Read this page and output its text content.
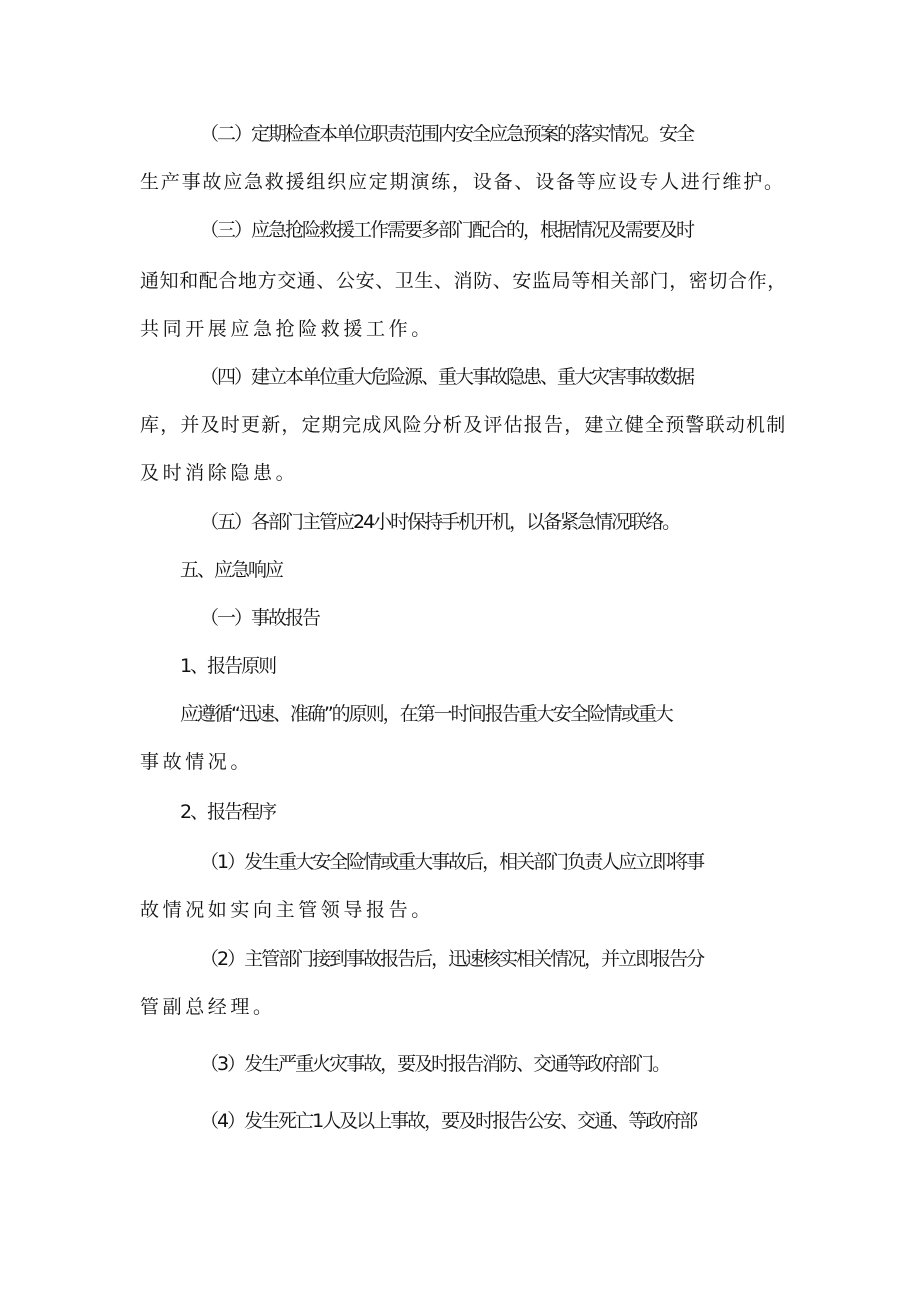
（二）定期检查本单位职责范围内安全应急预案的落实情况。安全

生产事故应急救援组织应定期演练，设备、设备等应设专人进行维护。

（三）应急抢险救援工作需要多部门配合的，根据情况及需要及时

通知和配合地方交通、公安、卫生、消防、安监局等相关部门，密切合作，

共同开展应急抢险救援工作。

（四）建立本单位重大危险源、重大事故隐患、重大灾害事故数据

库，并及时更新，定期完成风险分析及评估报告，建立健全预警联动机制

及时消除隐患。

（五）各部门主管应24小时保持手机开机，以备紧急情况联络。

五、应急响应

（一）事故报告

1、报告原则

应遵循“迅速、准确”的原则，在第一时间报告重大安全险情或重大

事故情况。

2、报告程序

（1）发生重大安全险情或重大事故后，相关部门负责人应立即将事

故情况如实向主管领导报告。

（2）主管部门接到事故报告后，迅速核实相关情况，并立即报告分

管副总经理。

（3）发生严重火灾事故，要及时报告消防、交通等政府部门。

（4）发生死亡1人及以上事故，要及时报告公安、交通、等政府部
